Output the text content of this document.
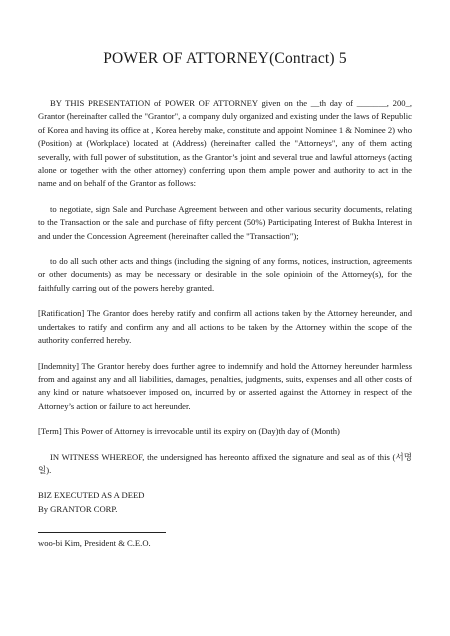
POWER OF ATTORNEY(Contract) 5

BY THIS PRESENTATION of POWER OF ATTORNEY given on the __th day of _______, 200_, Grantor (hereinafter called the "Grantor", a company duly organized and existing under the laws of Republic of Korea and having its office at , Korea hereby make, constitute and appoint Nominee 1 & Nominee 2) who (Position) at (Workplace) located at (Address) (hereinafter called the "Attorneys", any of them acting severally, with full power of substitution, as the Grantor’s joint and several true and lawful attorneys (acting alone or together with the other attorney) conferring upon them ample power and authority to act in the name and on behalf of the Grantor as follows:

to negotiate, sign Sale and Purchase Agreement between and other various security documents, relating to the Transaction or the sale and purchase of fifty percent (50%) Participating Interest of Bukha Interest in and under the Concession Agreement (hereinafter called the "Transaction");

to do all such other acts and things (including the signing of any forms, notices, instruction, agreements or other documents) as may be necessary or desirable in the sole opinioin of the Attorney(s), for the faithfully carring out of the powers hereby granted.

[Ratification] The Grantor does hereby ratify and confirm all actions taken by the Attorney hereunder, and undertakes to ratify and confirm any and all actions to be taken by the Attorney within the scope of the authority conferred hereby.

[Indemnity] The Grantor hereby does further agree to indemnify and hold the Attorney hereunder harmless from and against any and all liabilities, damages, penalties, judgments, suits, expenses and all other costs of any kind or nature whatsoever imposed on, incurred by or asserted against the Attorney in respect of the Attorney’s action or failure to act hereunder.

[Term] This Power of Attorney is irrevocable until its expiry on (Day)th day of (Month)

IN WITNESS WHEREOF, the undersigned has hereonto affixed the signature and seal as of this (서명일).

BIZ EXECUTED AS A DEED

By GRANTOR CORP.

woo-bi Kim, President & C.E.O.
